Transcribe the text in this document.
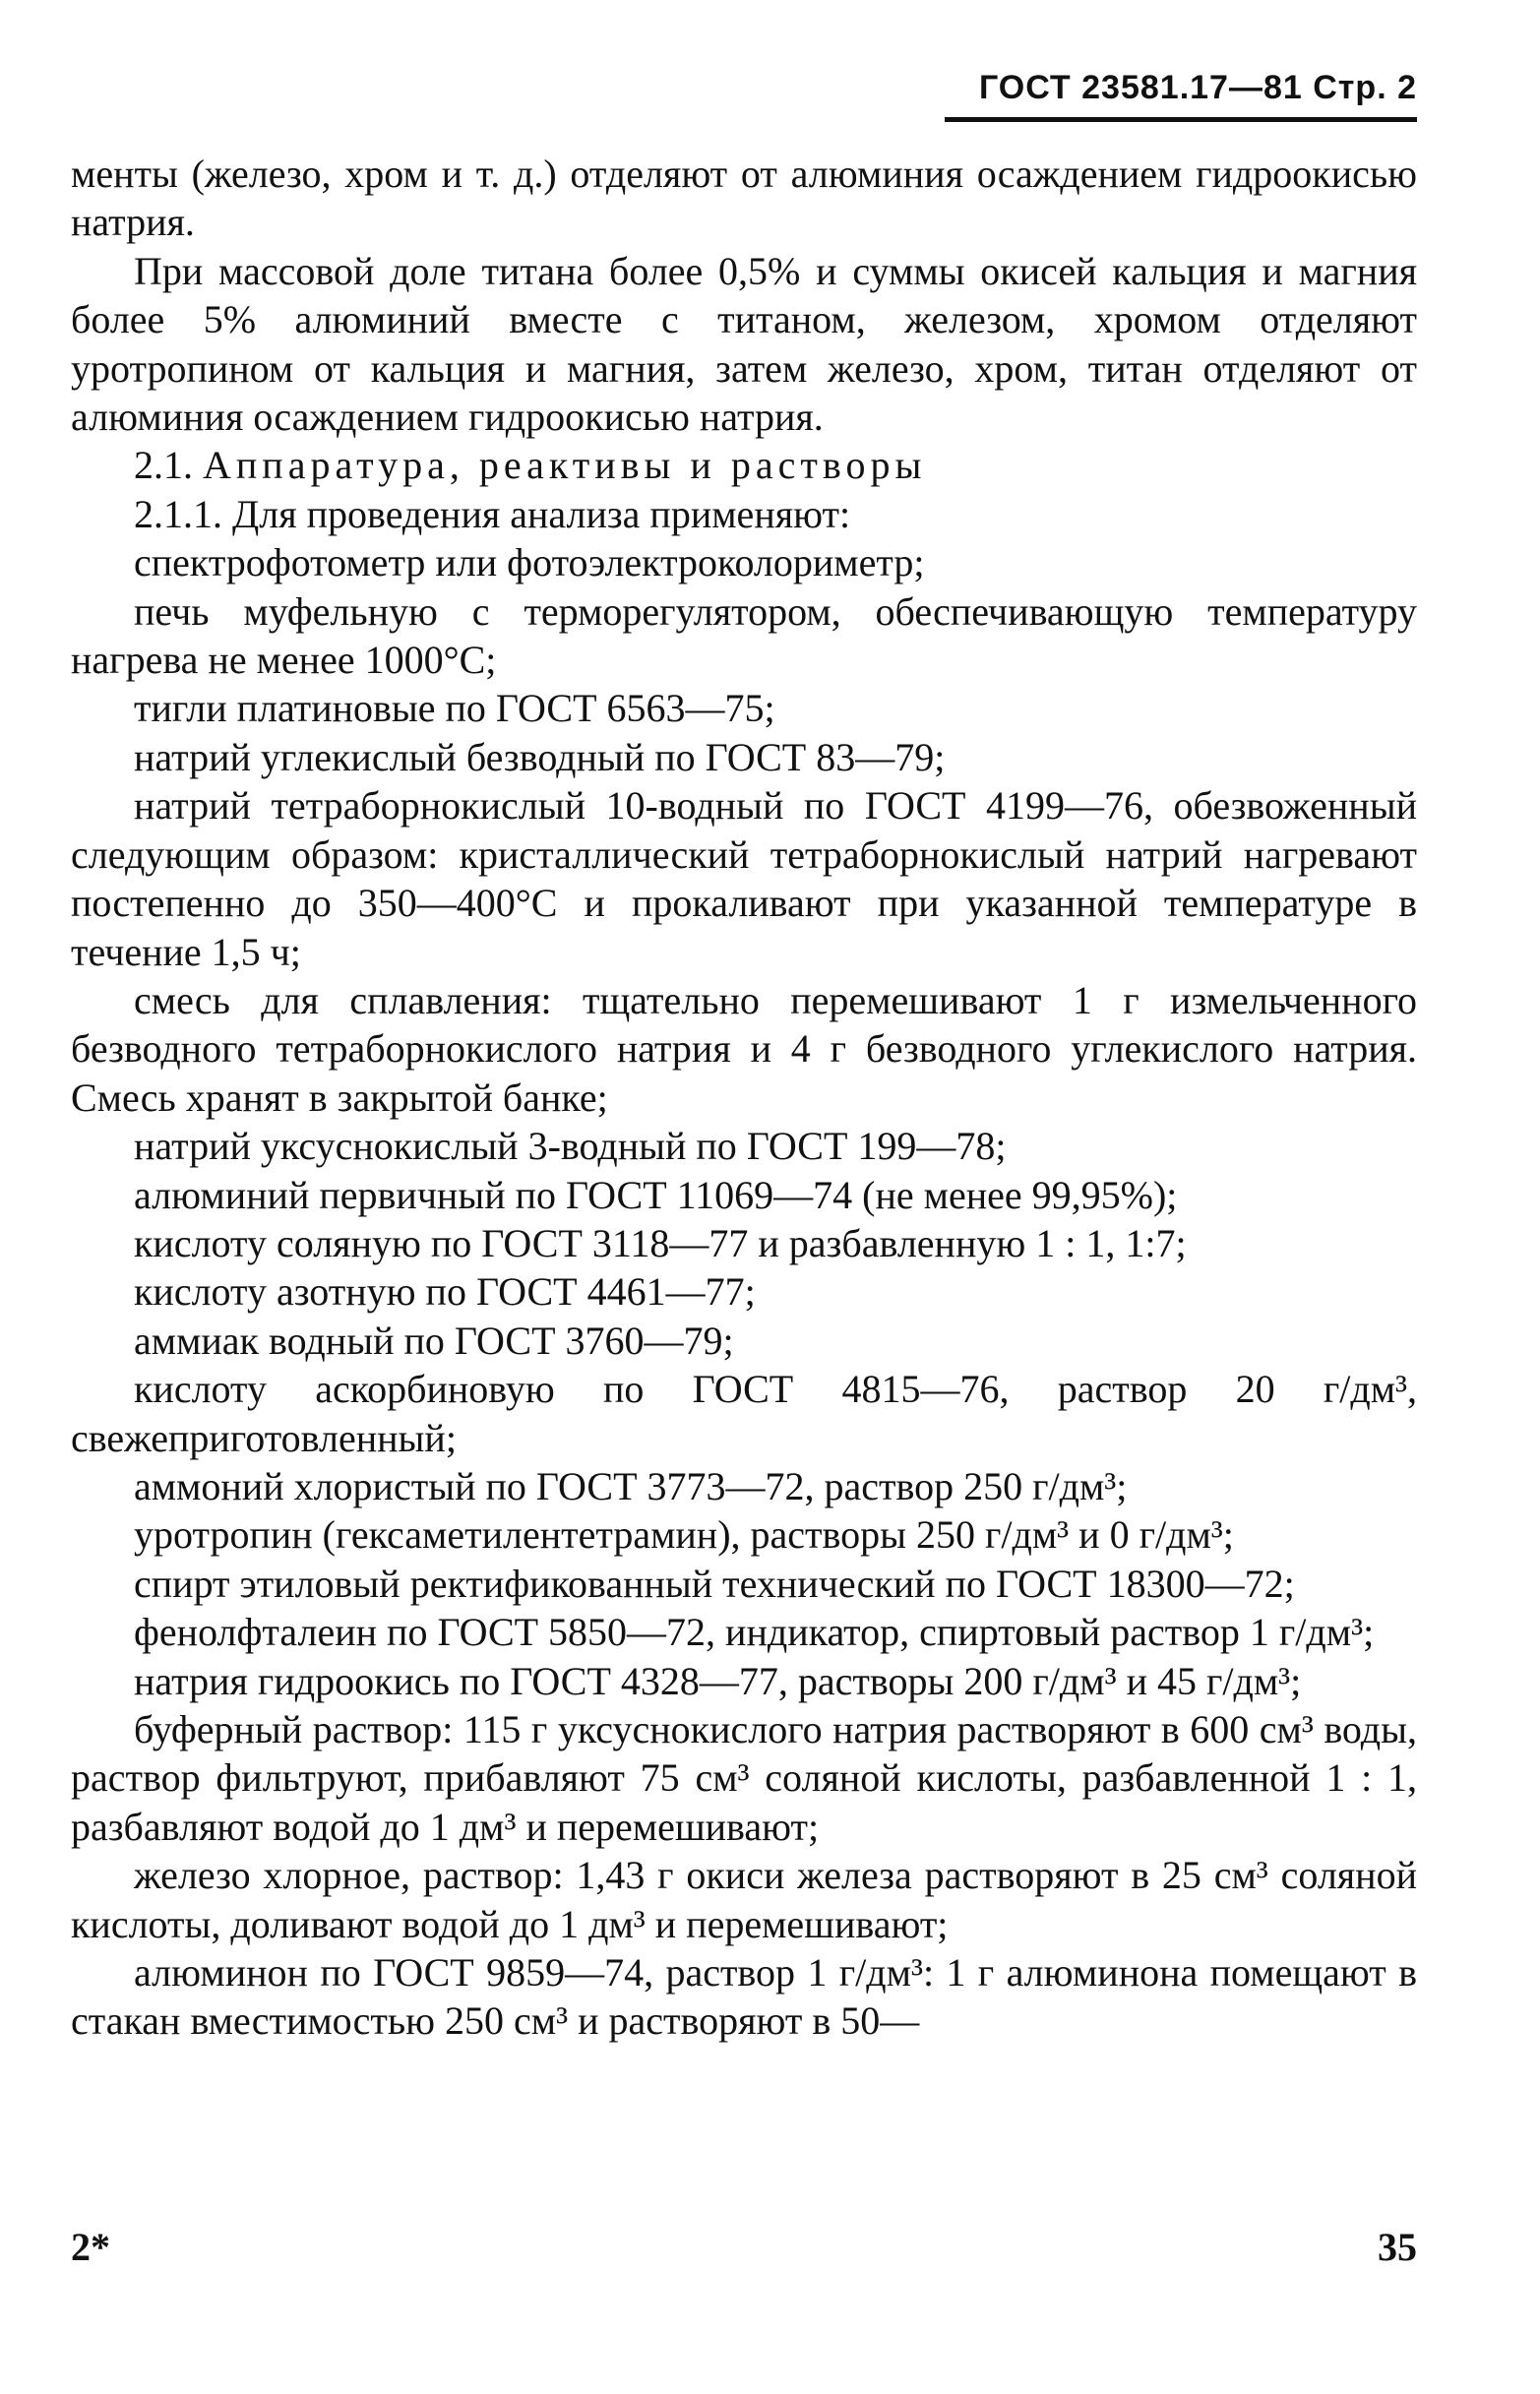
ГОСТ 23581.17—81 Стр. 2

менты (железо, хром и т. д.) отделяют от алюминия осаждением гидроокисью натрия.

При массовой доле титана более 0,5% и суммы окисей кальция и магния более 5% алюминий вместе с титаном, железом, хромом отделяют уротропином от кальция и магния, затем железо, хром, титан отделяют от алюминия осаждением гидроокисью натрия.

2.1. Аппаратура, реактивы и растворы

2.1.1. Для проведения анализа применяют:

спектрофотометр или фотоэлектроколориметр;

печь муфельную с терморегулятором, обеспечивающую температуру нагрева не менее 1000°С;

тигли платиновые по ГОСТ 6563—75;

натрий углекислый безводный по ГОСТ 83—79;

натрий тетраборнокислый 10-водный по ГОСТ 4199—76, обезвоженный следующим образом: кристаллический тетраборнокислый натрий нагревают постепенно до 350—400°С и прокаливают при указанной температуре в течение 1,5 ч;

смесь для сплавления: тщательно перемешивают 1 г измельченного безводного тетраборнокислого натрия и 4 г безводного углекислого натрия. Смесь хранят в закрытой банке;

натрий уксуснокислый 3-водный по ГОСТ 199—78;

алюминий первичный по ГОСТ 11069—74 (не менее 99,95%);

кислоту соляную по ГОСТ 3118—77 и разбавленную 1 : 1, 1:7;

кислоту азотную по ГОСТ 4461—77;

аммиак водный по ГОСТ 3760—79;

кислоту аскорбиновую по ГОСТ 4815—76, раствор 20 г/дм³, свежеприготовленный;

аммоний хлористый по ГОСТ 3773—72, раствор 250 г/дм³;

уротропин (гексаметилентетрамин), растворы 250 г/дм³ и 0 г/дм³;

спирт этиловый ректификованный технический по ГОСТ 18300—72;

фенолфталеин по ГОСТ 5850—72, индикатор, спиртовый раствор 1 г/дм³;

натрия гидроокись по ГОСТ 4328—77, растворы 200 г/дм³ и 45 г/дм³;

буферный раствор: 115 г уксуснокислого натрия растворяют в 600 см³ воды, раствор фильтруют, прибавляют 75 см³ соляной кислоты, разбавленной 1 : 1, разбавляют водой до 1 дм³ и перемешивают;

железо хлорное, раствор: 1,43 г окиси железа растворяют в 25 см³ соляной кислоты, доливают водой до 1 дм³ и перемешивают;

алюминон по ГОСТ 9859—74, раствор 1 г/дм³: 1 г алюминона помещают в стакан вместимостью 250 см³ и растворяют в 50—

2*	35
